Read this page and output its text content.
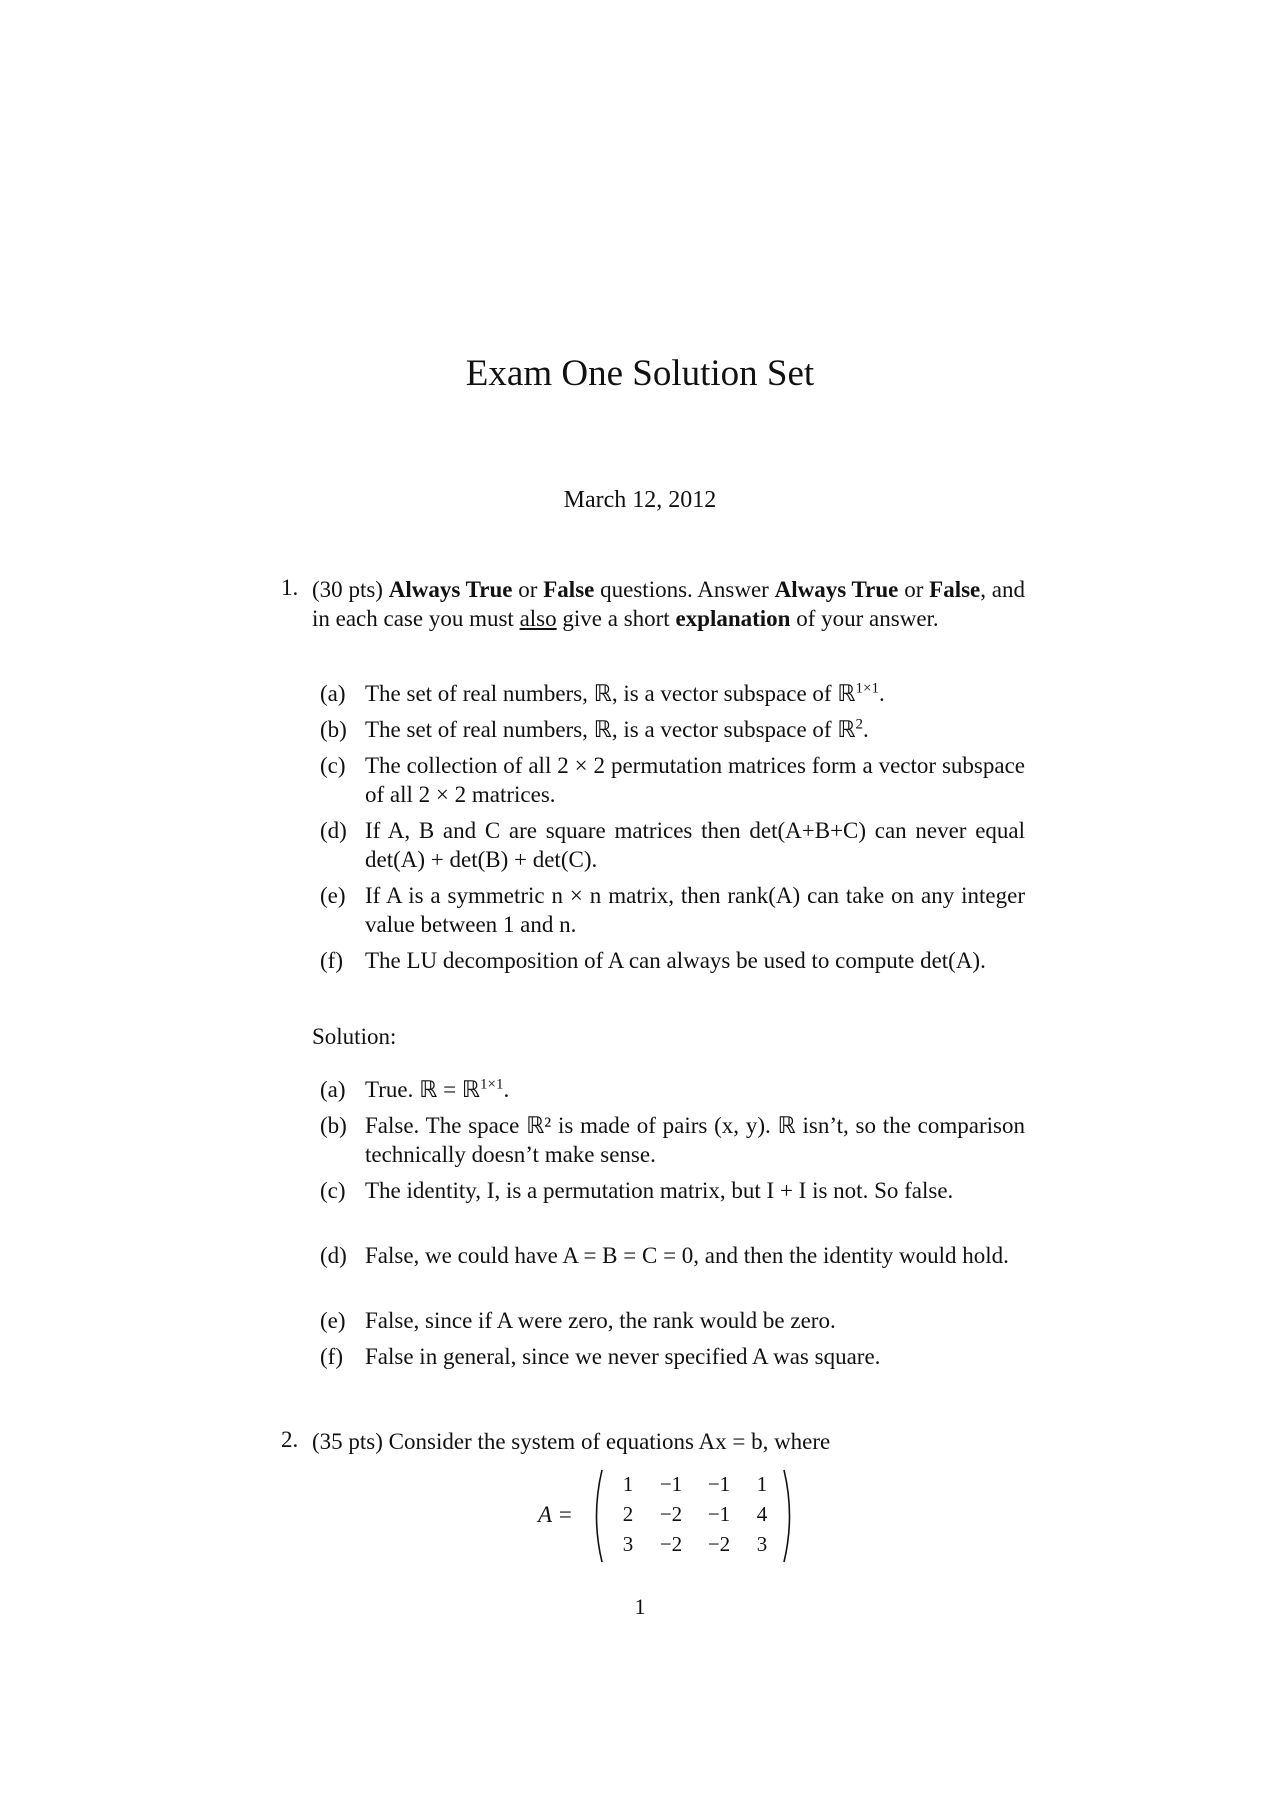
Exam One Solution Set
March 12, 2012
1. (30 pts) Always True or False questions. Answer Always True or False, and in each case you must also give a short explanation of your answer.
(a) The set of real numbers, ℝ, is a vector subspace of ℝ$^{1\times 1}$.
(b) The set of real numbers, ℝ, is a vector subspace of ℝ$^2$.
(c) The collection of all 2 × 2 permutation matrices form a vector subspace of all 2 × 2 matrices.
(d) If A, B and C are square matrices then det(A+B+C) can never equal det(A) + det(B) + det(C).
(e) If A is a symmetric n × n matrix, then rank(A) can take on any integer value between 1 and n.
(f) The LU decomposition of A can always be used to compute det(A).
Solution:
(a) True. ℝ = ℝ$^{1\times 1}$.
(b) False. The space ℝ² is made of pairs (x, y). ℝ isn’t, so the comparison technically doesn’t make sense.
(c) The identity, I, is a permutation matrix, but I + I is not. So false.
(d) False, we could have A = B = C = 0, and then the identity would hold.
(e) False, since if A were zero, the rank would be zero.
(f) False in general, since we never specified A was square.
2. (35 pts) Consider the system of equations Ax = b, where
A =
1	−1	−1	1
2	−2	−1	4
3	−2	−2	3
1
